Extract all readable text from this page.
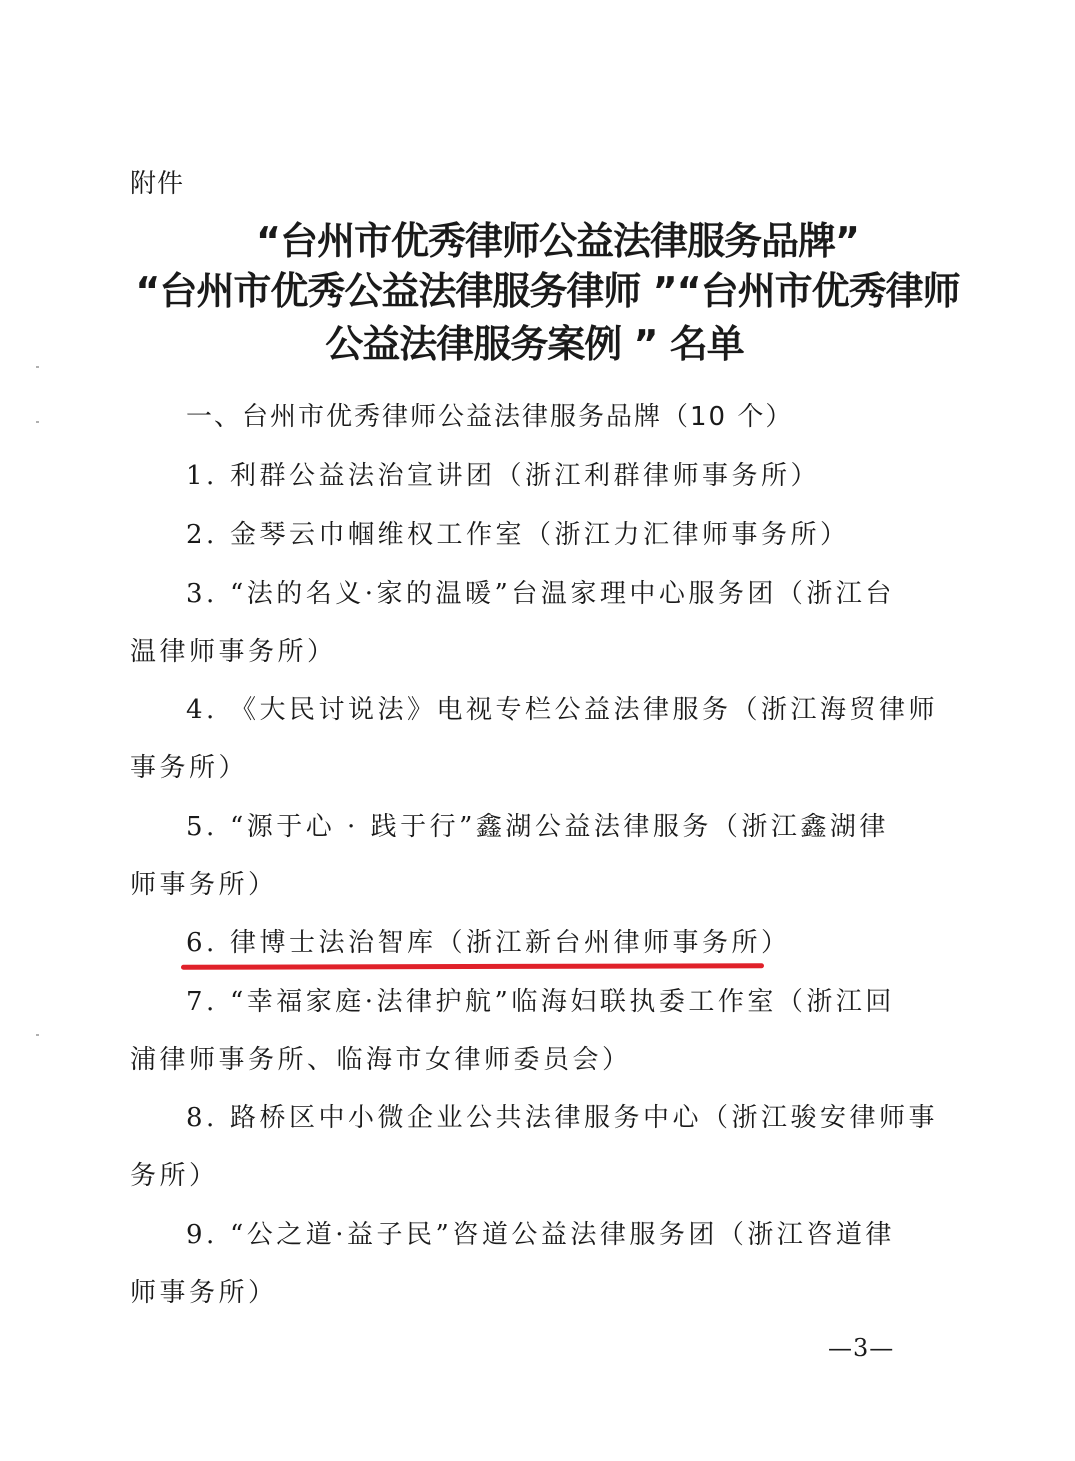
附件
“台州市优秀律师公益法律服务品牌”
“台州市优秀公益法律服务律师 ”“台州市优秀律师
公益法律服务案例 ” 名单
一、台州市优秀律师公益法律服务品牌（10 个）
1. 利群公益法治宣讲团（浙江利群律师事务所）
2. 金琴云巾帼维权工作室（浙江力汇律师事务所）
3. “法的名义·家的温暖”台温家理中心服务团（浙江台
温律师事务所）
4. 《大民讨说法》电视专栏公益法律服务（浙江海贸律师
事务所）
5. “源于心 · 践于行”鑫湖公益法律服务（浙江鑫湖律
师事务所）
6. 律博士法治智库（浙江新台州律师事务所）
7. “幸福家庭·法律护航”临海妇联执委工作室（浙江回
浦律师事务所、临海市女律师委员会）
8. 路桥区中小微企业公共法律服务中心（浙江骏安律师事
务所）
9. “公之道·益子民”咨道公益法律服务团（浙江咨道律
师事务所）
—3—
